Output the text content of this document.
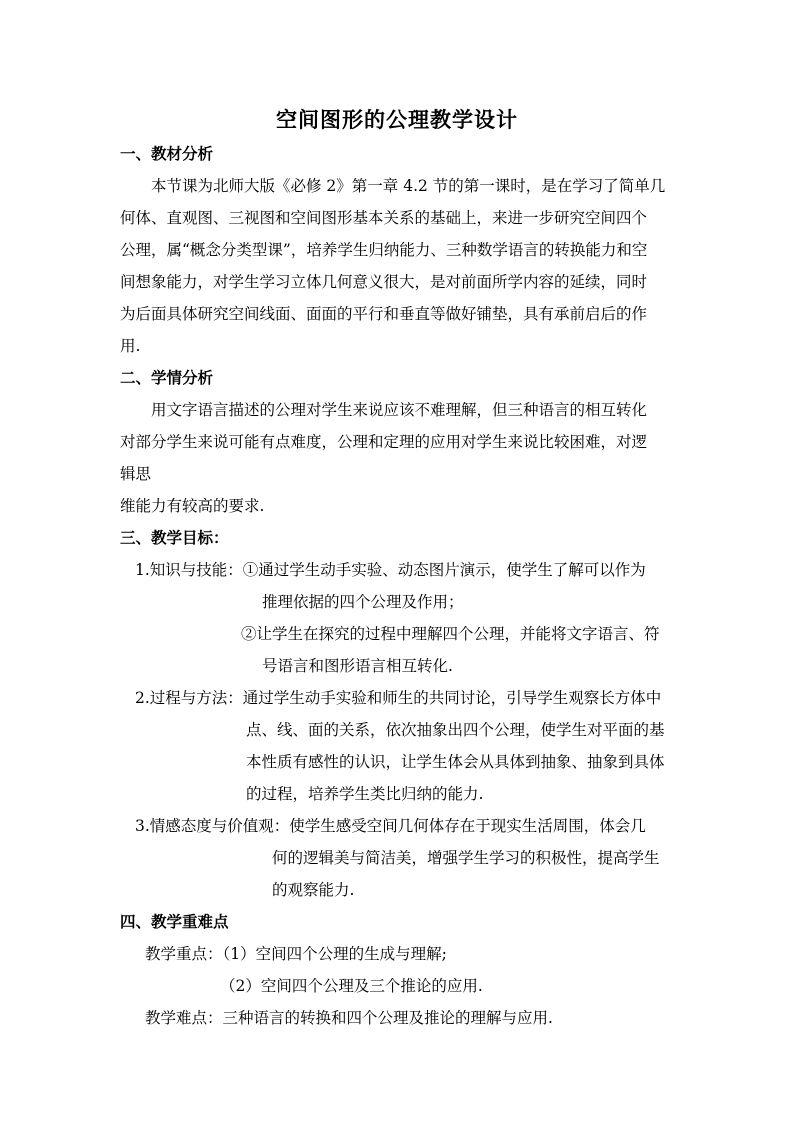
空间图形的公理教学设计
一、教材分析
本节课为北师大版《必修 2》第一章 4.2 节的第一课时，是在学习了简单几
何体、直观图、三视图和空间图形基本关系的基础上，来进一步研究空间四个
公理，属“概念分类型课”，培养学生归纳能力、三种数学语言的转换能力和空
间想象能力，对学生学习立体几何意义很大，是对前面所学内容的延续，同时
为后面具体研究空间线面、面面的平行和垂直等做好铺垫，具有承前启后的作
用.
二、学情分析
用文字语言描述的公理对学生来说应该不难理解，但三种语言的相互转化
对部分学生来说可能有点难度，公理和定理的应用对学生来说比较困难，对逻
辑思
维能力有较高的要求.
三、教学目标：
1.知识与技能：①通过学生动手实验、动态图片演示，使学生了解可以作为
推理依据的四个公理及作用；
②让学生在探究的过程中理解四个公理，并能将文字语言、符
号语言和图形语言相互转化.
2.过程与方法：通过学生动手实验和师生的共同讨论，引导学生观察长方体中
点、线、面的关系，依次抽象出四个公理，使学生对平面的基
本性质有感性的认识，让学生体会从具体到抽象、抽象到具体
的过程，培养学生类比归纳的能力.
3.情感态度与价值观：使学生感受空间几何体存在于现实生活周围，体会几
何的逻辑美与简洁美，增强学生学习的积极性，提高学生
的观察能力.
四、教学重难点
教学重点：（1）空间四个公理的生成与理解;
（2）空间四个公理及三个推论的应用.
教学难点：三种语言的转换和四个公理及推论的理解与应用.
